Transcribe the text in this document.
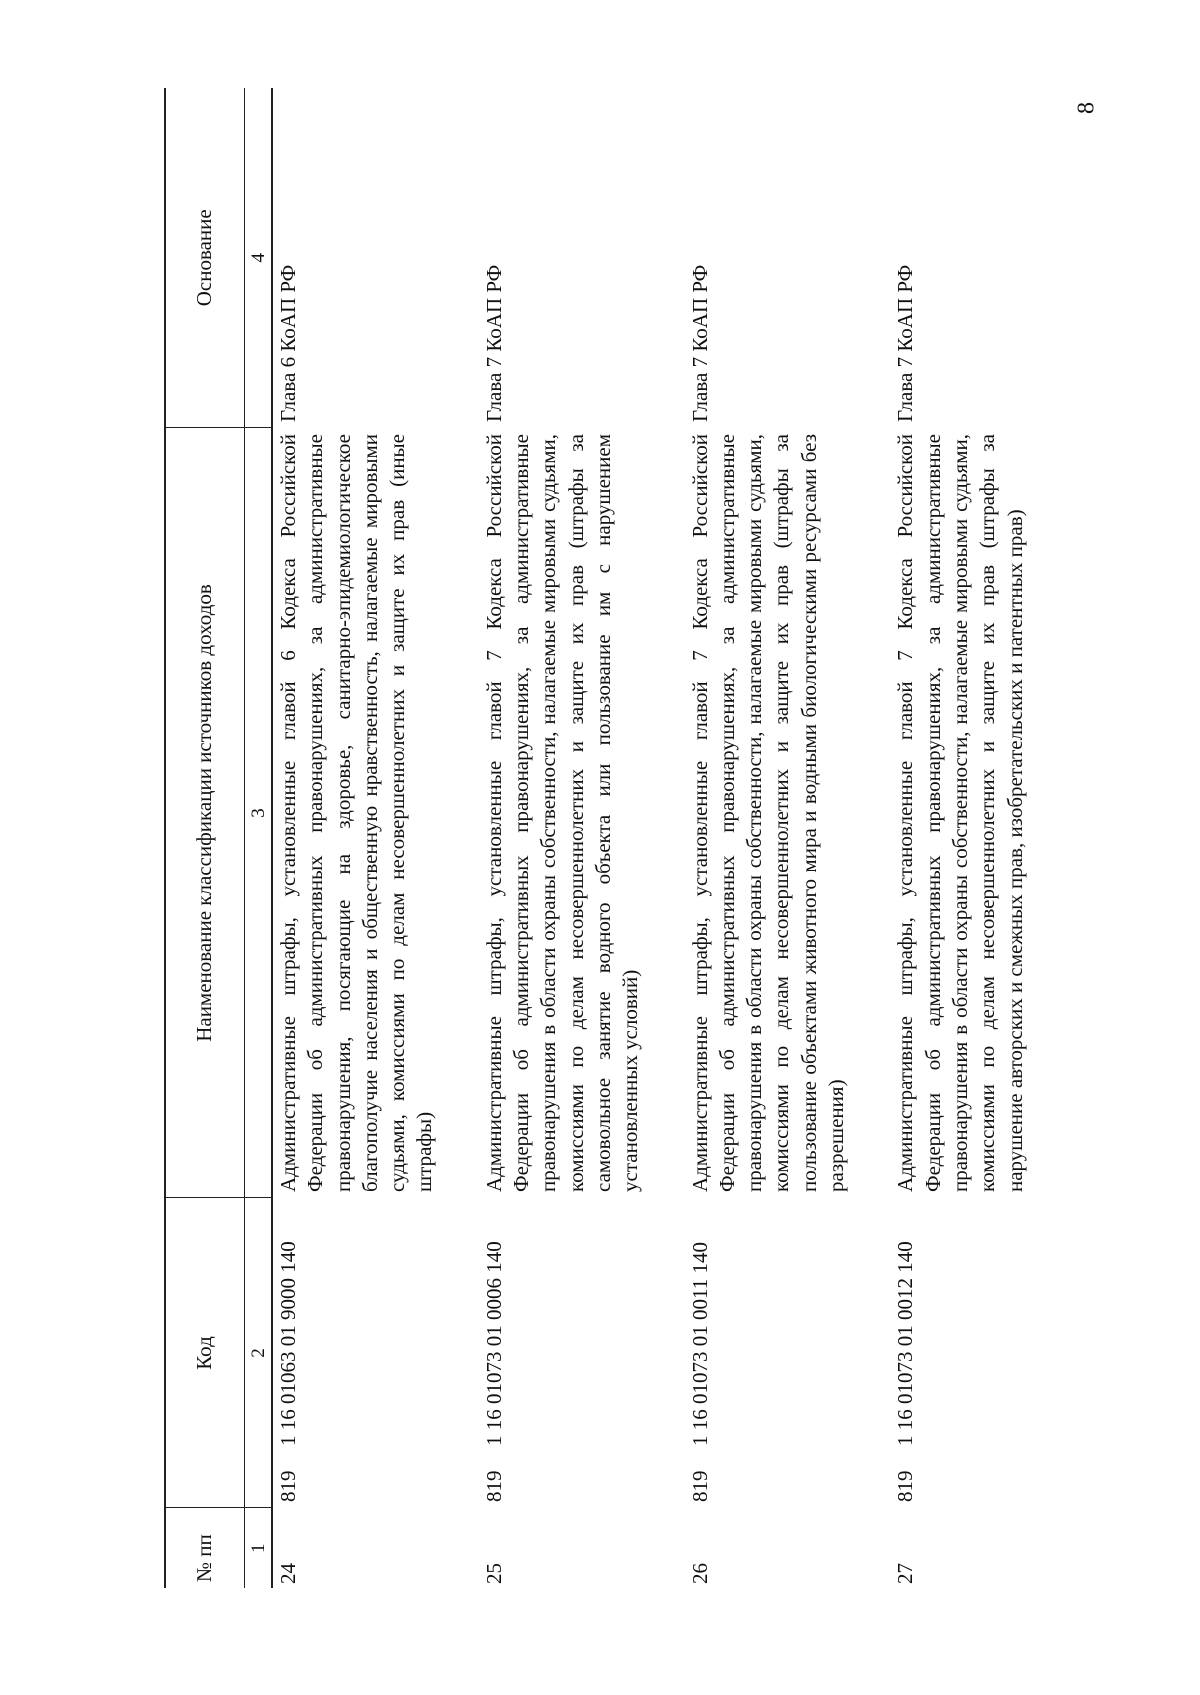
8
№ пп	Код	Наименование классификации источников доходов	Основание
1	2	3	4
24	8191 16 01063 01 9000 140	Административные штрафы, установленные главой 6 Кодекса Российской Федерации об административных правонарушениях, за административные правонарушения, посягающие на здоровье, санитарно-эпидемиологическое благополучие населения и общественную нравственность, налагаемые мировыми судьями, комиссиями по делам несовершеннолетних и защите их прав (иные штрафы)	Глава 6 КоАП РФ
25	8191 16 01073 01 0006 140	Административные штрафы, установленные главой 7 Кодекса Российской Федерации об административных правонарушениях, за административные правонарушения в области охраны собственности, налагаемые мировыми судьями, комиссиями по делам несовершеннолетних и защите их прав (штрафы за самовольное занятие водного объекта или пользование им с нарушением установленных условий)	Глава 7 КоАП РФ
26	8191 16 01073 01 0011 140	Административные штрафы, установленные главой 7 Кодекса Российской Федерации об административных правонарушениях, за административные правонарушения в области охраны собственности, налагаемые мировыми судьями, комиссиями по делам несовершеннолетних и защите их прав (штрафы за пользование объектами животного мира и водными биологическими ресурсами без разрешения)	Глава 7 КоАП РФ
27	8191 16 01073 01 0012 140	Административные штрафы, установленные главой 7 Кодекса Российской Федерации об административных правонарушениях, за административные правонарушения в области охраны собственности, налагаемые мировыми судьями, комиссиями по делам несовершеннолетних и защите их прав (штрафы за нарушение авторских и смежных прав, изобретательских и патентных прав)	Глава 7 КоАП РФ
